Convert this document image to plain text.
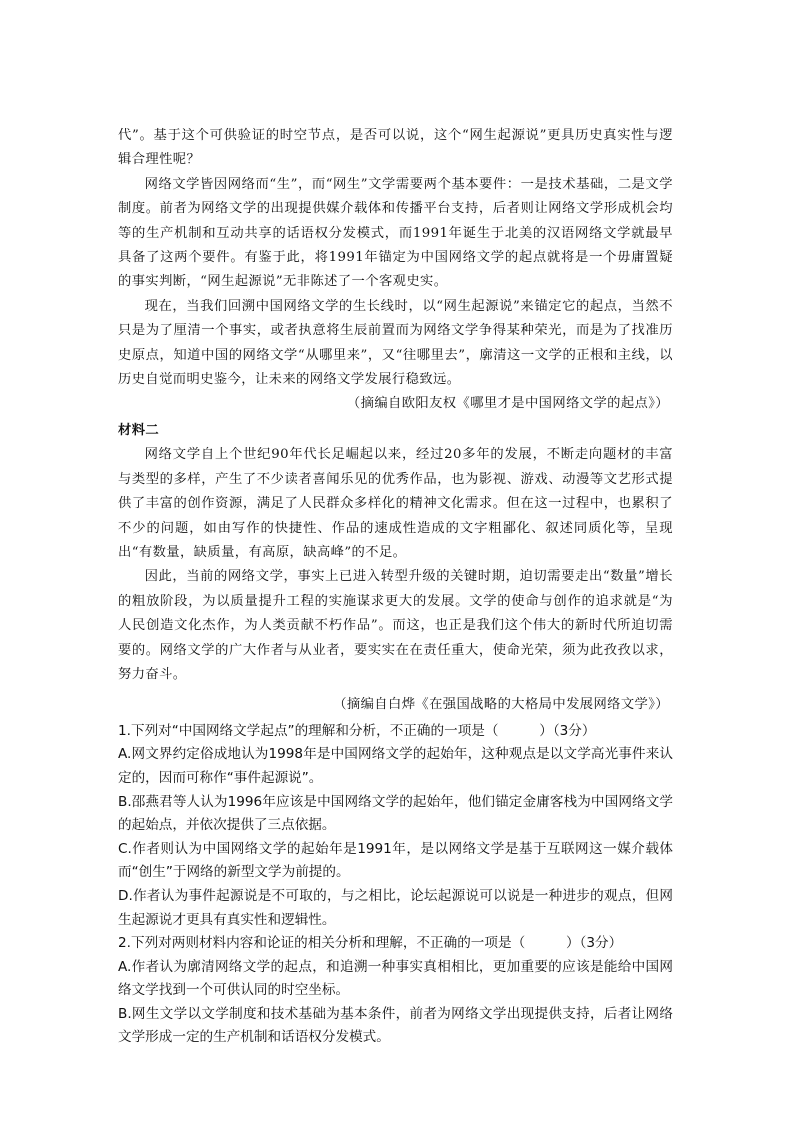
代”。基于这个可供验证的时空节点，是否可以说，这个“网生起源说”更具历史真实性与逻辑合理性呢？

网络文学皆因网络而“生”，而“网生”文学需要两个基本要件：一是技术基础，二是文学制度。前者为网络文学的出现提供媒介载体和传播平台支持，后者则让网络文学形成机会均等的生产机制和互动共享的话语权分发模式，而1991年诞生于北美的汉语网络文学就最早具备了这两个要件。有鉴于此，将1991年锚定为中国网络文学的起点就将是一个毋庸置疑的事实判断，“网生起源说”无非陈述了一个客观史实。

现在，当我们回溯中国网络文学的生长线时，以“网生起源说”来锚定它的起点，当然不只是为了厘清一个事实，或者执意将生辰前置而为网络文学争得某种荣光，而是为了找准历史原点，知道中国的网络文学“从哪里来”，又“往哪里去”，廓清这一文学的正根和主线，以历史自觉而明史鉴今，让未来的网络文学发展行稳致远。

（摘编自欧阳友权《哪里才是中国网络文学的起点》）

材料二

网络文学自上个世纪90年代长足崛起以来，经过20多年的发展，不断走向题材的丰富与类型的多样，产生了不少读者喜闻乐见的优秀作品，也为影视、游戏、动漫等文艺形式提供了丰富的创作资源，满足了人民群众多样化的精神文化需求。但在这一过程中，也累积了不少的问题，如由写作的快捷性、作品的速成性造成的文字粗鄙化、叙述同质化等，呈现出“有数量，缺质量，有高原，缺高峰”的不足。

因此，当前的网络文学，事实上已进入转型升级的关键时期，迫切需要走出“数量”增长的粗放阶段，为以质量提升工程的实施谋求更大的发展。文学的使命与创作的追求就是“为人民创造文化杰作，为人类贡献不朽作品”。而这，也正是我们这个伟大的新时代所迫切需要的。网络文学的广大作者与从业者，要实实在在责任重大，使命光荣，须为此孜孜以求，努力奋斗。

（摘编自白烨《在强国战略的大格局中发展网络文学》）

1.下列对“中国网络文学起点”的理解和分析，不正确的一项是（　　　）（3分）

A.网文界约定俗成地认为1998年是中国网络文学的起始年，这种观点是以文学高光事件来认定的，因而可称作“事件起源说”。

B.邵燕君等人认为1996年应该是中国网络文学的起始年，他们锚定金庸客栈为中国网络文学的起始点，并依次提供了三点依据。

C.作者则认为中国网络文学的起始年是1991年，是以网络文学是基于互联网这一媒介载体而“创生”于网络的新型文学为前提的。

D.作者认为事件起源说是不可取的，与之相比，论坛起源说可以说是一种进步的观点，但网生起源说才更具有真实性和逻辑性。

2.下列对两则材料内容和论证的相关分析和理解，不正确的一项是（　　　）（3分）

A.作者认为廓清网络文学的起点，和追溯一种事实真相相比，更加重要的应该是能给中国网络文学找到一个可供认同的时空坐标。

B.网生文学以文学制度和技术基础为基本条件，前者为网络文学出现提供支持，后者让网络文学形成一定的生产机制和话语权分发模式。
